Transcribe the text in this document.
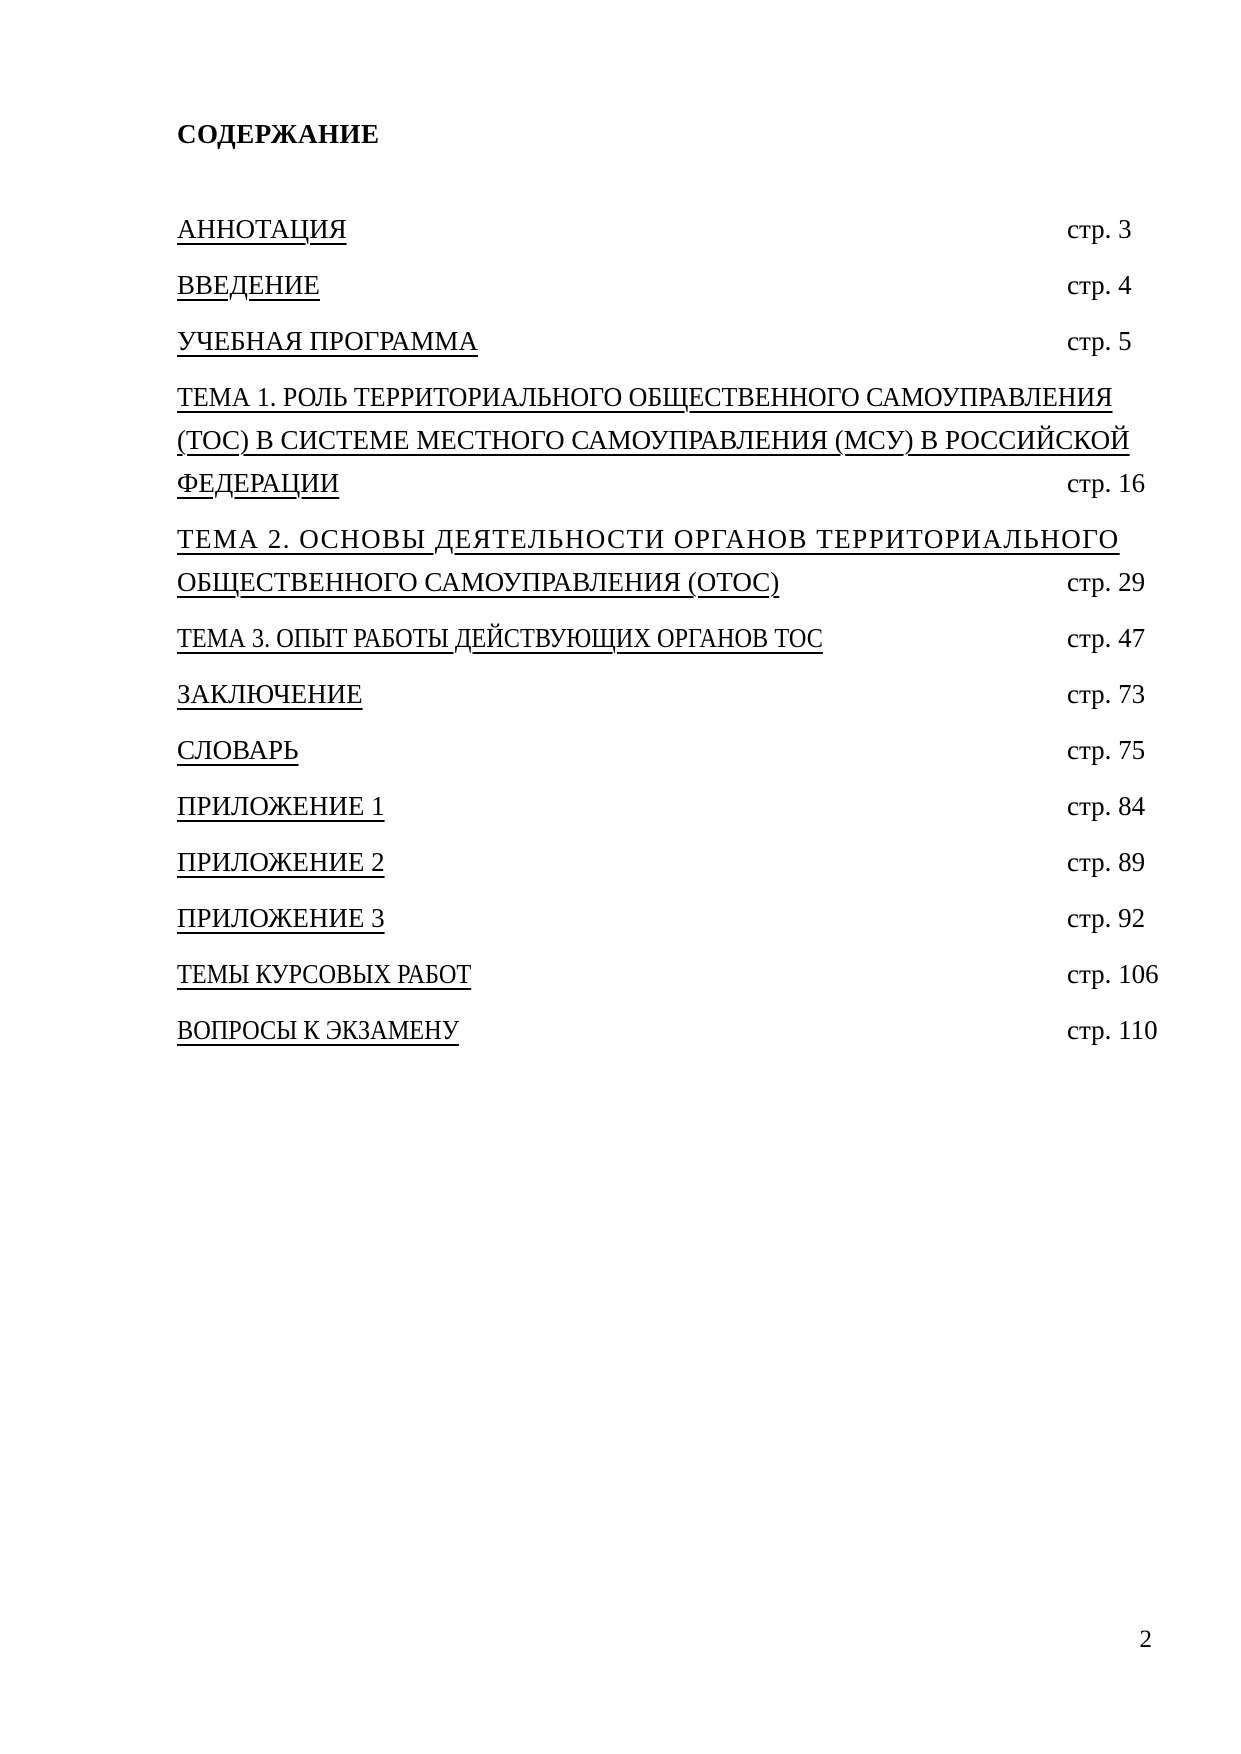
СОДЕРЖАНИЕ
АННОТАЦИЯ	стр. 3
ВВЕДЕНИЕ	стр. 4
УЧЕБНАЯ ПРОГРАММА	стр. 5
ТЕМА 1. РОЛЬ ТЕРРИТОРИАЛЬНОГО ОБЩЕСТВЕННОГО САМОУПРАВЛЕНИЯ
(ТОС) В СИСТЕМЕ МЕСТНОГО САМОУПРАВЛЕНИЯ (МСУ) В РОССИЙСКОЙ
ФЕДЕРАЦИИ	стр. 16
ТЕМА 2. ОСНОВЫ ДЕЯТЕЛЬНОСТИ ОРГАНОВ ТЕРРИТОРИАЛЬНОГО
ОБЩЕСТВЕННОГО САМОУПРАВЛЕНИЯ (ОТОС)	стр. 29
ТЕМА 3. ОПЫТ РАБОТЫ ДЕЙСТВУЮЩИХ ОРГАНОВ ТОС	стр. 47
ЗАКЛЮЧЕНИЕ	стр. 73
СЛОВАРЬ	стр. 75
ПРИЛОЖЕНИЕ 1	стр. 84
ПРИЛОЖЕНИЕ 2	стр. 89
ПРИЛОЖЕНИЕ 3	стр. 92
ТЕМЫ КУРСОВЫХ РАБОТ	стр. 106
ВОПРОСЫ К ЭКЗАМЕНУ	стр. 110
2
